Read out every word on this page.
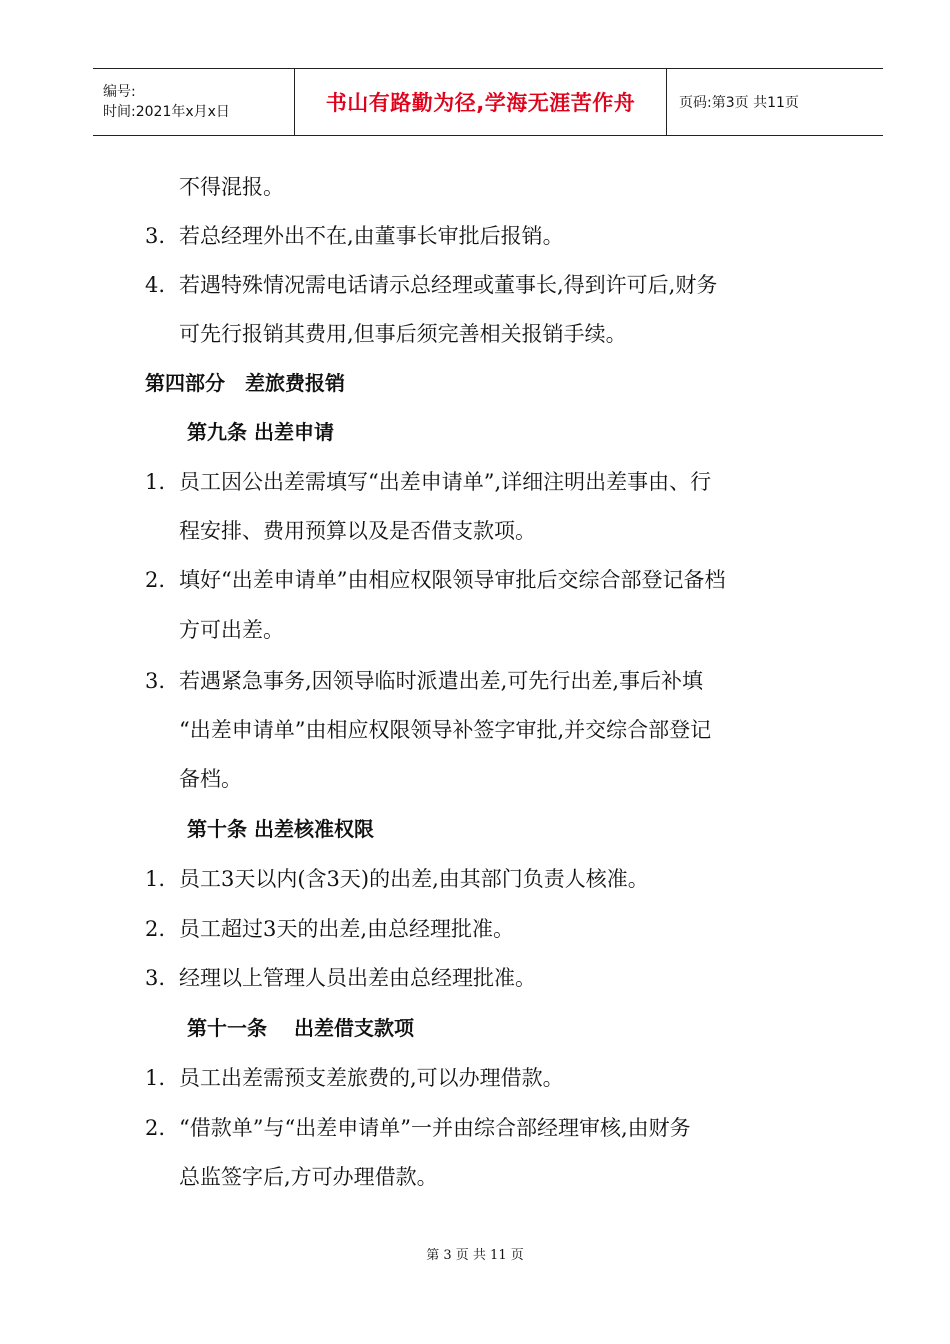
编号:
时间:2021年x月x日	书山有路勤为径,学海无涯苦作舟	页码:第3页 共11页
不得混报。
3. 若总经理外出不在,由董事长审批后报销。
4. 若遇特殊情况需电话请示总经理或董事长,得到许可后,财务
可先行报销其费用,但事后须完善相关报销手续。
第四部分　差旅费报销
第九条 出差申请
1. 员工因公出差需填写“出差申请单”,详细注明出差事由、行
程安排、费用预算以及是否借支款项。
2. 填好“出差申请单”由相应权限领导审批后交综合部登记备档
方可出差。
3. 若遇紧急事务,因领导临时派遣出差,可先行出差,事后补填
“出差申请单”由相应权限领导补签字审批,并交综合部登记
备档。
第十条 出差核准权限
1. 员工3天以内(含3天)的出差,由其部门负责人核准。
2. 员工超过3天的出差,由总经理批准。
3. 经理以上管理人员出差由总经理批准。
第十一条　 出差借支款项
1. 员工出差需预支差旅费的,可以办理借款。
2. “借款单”与“出差申请单”一并由综合部经理审核,由财务
总监签字后,方可办理借款。
第 3 页 共 11 页
